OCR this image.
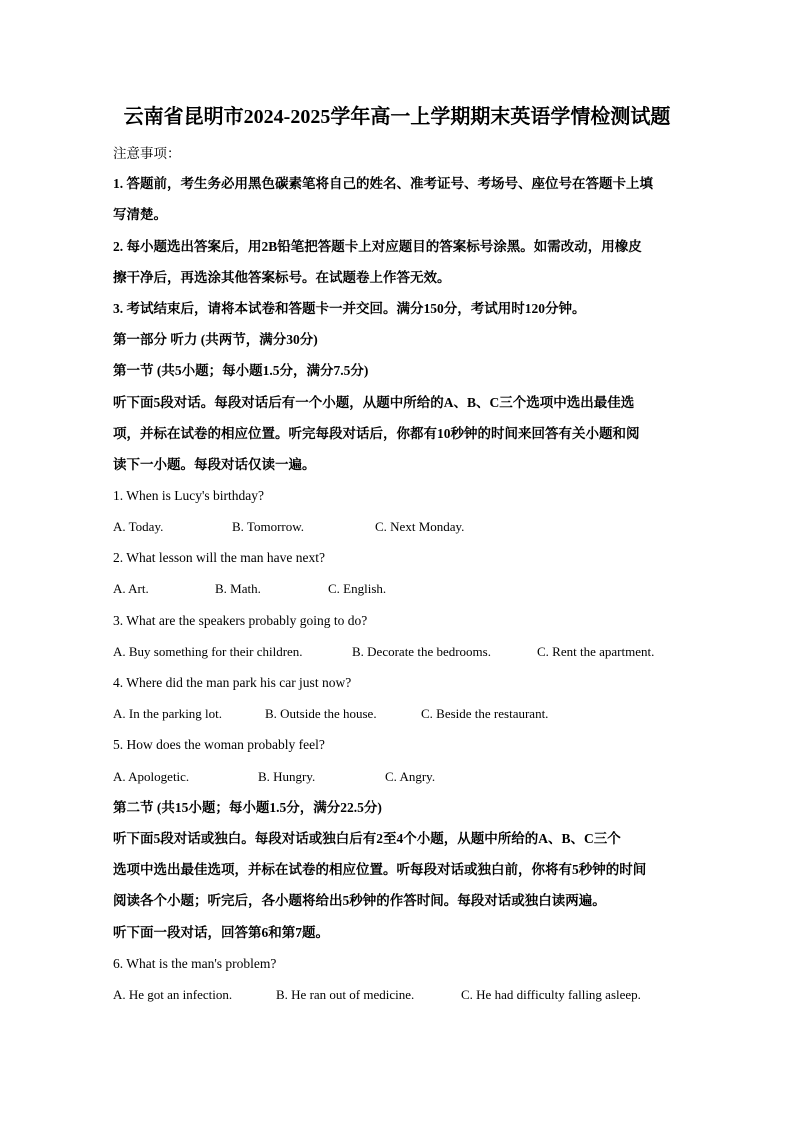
云南省昆明市2024-2025学年高一上学期期末英语学情检测试题
注意事项：
1. 答题前，考生务必用黑色碳素笔将自己的姓名、准考证号、考场号、座位号在答题卡上填
写清楚。
2. 每小题选出答案后，用2B铅笔把答题卡上对应题目的答案标号涂黑。如需改动，用橡皮
擦干净后，再选涂其他答案标号。在试题卷上作答无效。
3. 考试结束后，请将本试卷和答题卡一并交回。满分150分，考试用时120分钟。
第一部分 听力 (共两节，满分30分)
第一节 (共5小题；每小题1.5分，满分7.5分)
听下面5段对话。每段对话后有一个小题，从题中所给的A、B、C三个选项中选出最佳选
项，并标在试卷的相应位置。听完每段对话后，你都有10秒钟的时间来回答有关小题和阅
读下一小题。每段对话仅读一遍。
1. When is Lucy's birthday?
A. Today.	B. Tomorrow.	C. Next Monday.
2. What lesson will the man have next?
A. Art.	B. Math.	C. English.
3. What are the speakers probably going to do?
A. Buy something for their children.	B. Decorate the bedrooms.	C. Rent the apartment.
4. Where did the man park his car just now?
A. In the parking lot.	B. Outside the house.	C. Beside the restaurant.
5. How does the woman probably feel?
A. Apologetic.	B. Hungry.	C. Angry.
第二节 (共15小题；每小题1.5分，满分22.5分)
听下面5段对话或独白。每段对话或独白后有2至4个小题，从题中所给的A、B、C三个
选项中选出最佳选项，并标在试卷的相应位置。听每段对话或独白前，你将有5秒钟的时间
阅读各个小题；听完后，各小题将给出5秒钟的作答时间。每段对话或独白读两遍。
听下面一段对话，回答第6和第7题。
6. What is the man's problem?
A. He got an infection.	B. He ran out of medicine.	C. He had difficulty falling asleep.
